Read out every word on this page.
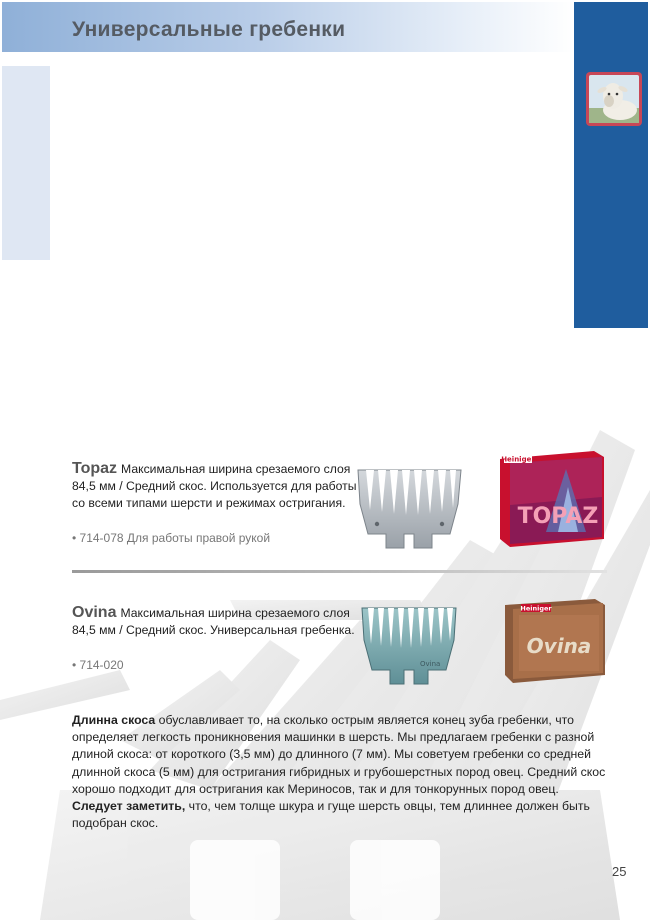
Универсальные гребенки
Topaz Максимальная ширина срезаемого слоя 84,5 мм / Средний скос. Используется для работы со всеми типами шерсти и режимах остригания.
• 714-078 Для работы правой рукой
Heiniger
TOPAZ
Ovina Максимальная ширина срезаемого слоя 84,5 мм / Средний скос. Универсальная гребенка.
• 714-020	Ovina
Heiniger
Ovina
Длинна скоса обуславливает то, на сколько острым является конец зуба гребенки, что определяет легкость проникновения машинки в шерсть. Мы предлагаем гребенки с разной длиной скоса: от короткого (3,5 мм) до длинного (7 мм). Мы советуем гребенки со средней длинной скоса (5 мм) для остригания гибридных и грубошерстных пород овец. Средний скос хорошо подходит для остригания как Мериносов, так и для тонкорунных пород овец.
Следует заметить, что, чем толще шкура и гуще шерсть овцы, тем длиннее должен быть подобран скос.
25
